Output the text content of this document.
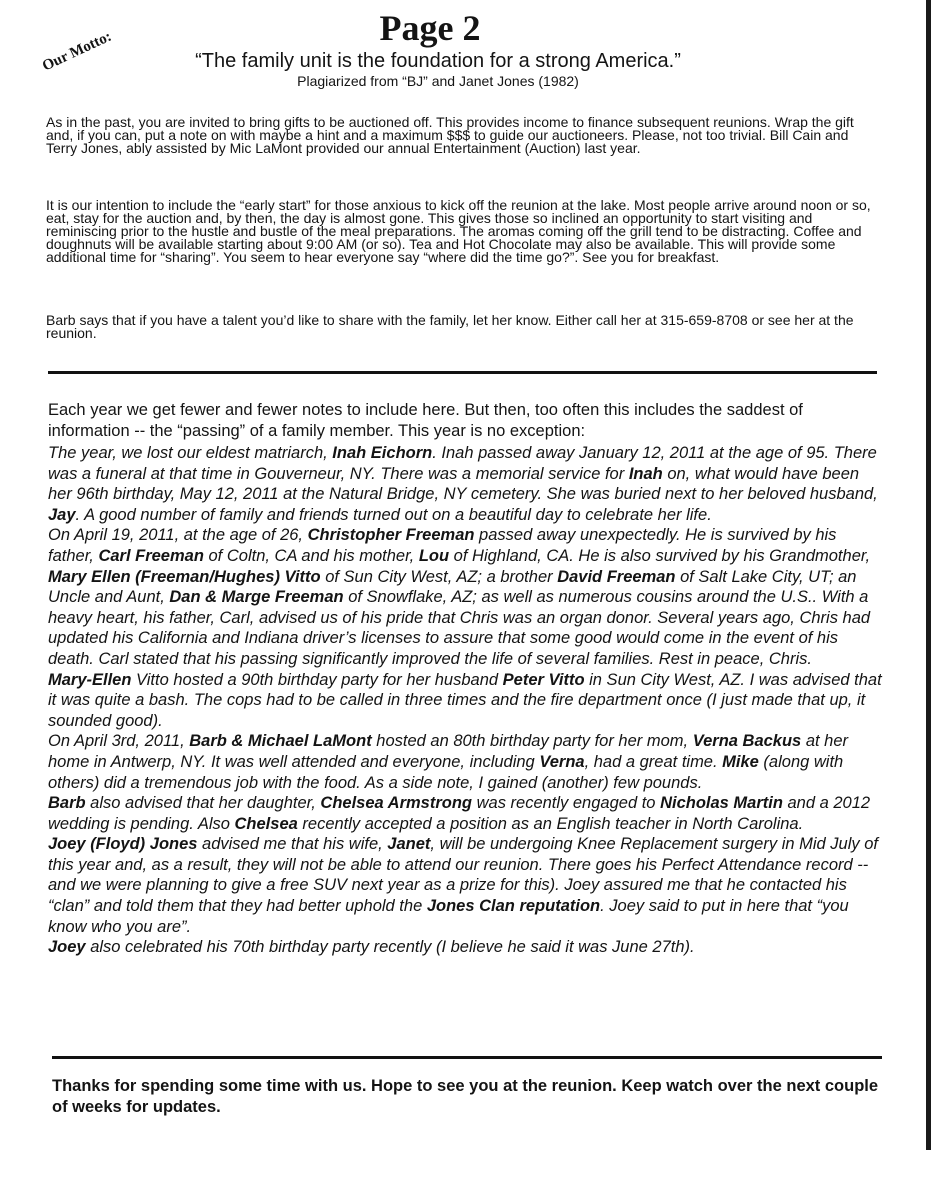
Page 2
Our Motto:	“The family unit is the foundation for a strong America.”
Plagiarized from “BJ” and Janet Jones (1982)

As in the past, you are invited to bring gifts to be auctioned off. This provides income to finance subsequent reunions. Wrap the gift and, if you can, put a note on with maybe a hint and a maximum $$$ to guide our auctioneers. Please, not too trivial. Bill Cain and Terry Jones, ably assisted by Mic LaMont provided our annual Entertainment (Auction) last year.

It is our intention to include the “early start” for those anxious to kick off the reunion at the lake. Most people arrive around noon or so, eat, stay for the auction and, by then, the day is almost gone. This gives those so inclined an opportunity to start visiting and reminiscing prior to the hustle and bustle of the meal preparations. The aromas coming off the grill tend to be distracting. Coffee and doughnuts will be available starting about 9:00 AM (or so). Tea and Hot Chocolate may also be available. This will provide some additional time for “sharing”. You seem to hear everyone say “where did the time go?”. See you for breakfast.

Barb says that if you have a talent you’d like to share with the family, let her know. Either call her at 315-659-8708 or see her at the reunion.

Each year we get fewer and fewer notes to include here. But then, too often this includes the saddest of information -- the “passing” of a family member. This year is no exception:

The year, we lost our eldest matriarch, Inah Eichorn. Inah passed away January 12, 2011 at the age of 95. There was a funeral at that time in Gouverneur, NY. There was a memorial service for Inah on, what would have been her 96th birthday, May 12, 2011 at the Natural Bridge, NY cemetery. She was buried next to her beloved husband, Jay. A good number of family and friends turned out on a beautiful day to celebrate her life.

On April 19, 2011, at the age of 26, Christopher Freeman passed away unexpectedly. He is survived by his father, Carl Freeman of Coltn, CA and his mother, Lou of Highland, CA. He is also survived by his Grandmother, Mary Ellen (Freeman/Hughes) Vitto of Sun City West, AZ; a brother David Freeman of Salt Lake City, UT; an Uncle and Aunt, Dan & Marge Freeman of Snowflake, AZ; as well as numerous cousins around the U.S.. With a heavy heart, his father, Carl, advised us of his pride that Chris was an organ donor. Several years ago, Chris had updated his California and Indiana driver’s licenses to assure that some good would come in the event of his death. Carl stated that his passing significantly improved the life of several families. Rest in peace, Chris.

Mary-Ellen Vitto hosted a 90th birthday party for her husband Peter Vitto in Sun City West, AZ. I was advised that it was quite a bash. The cops had to be called in three times and the fire department once (I just made that up, it sounded good).

On April 3rd, 2011, Barb & Michael LaMont hosted an 80th birthday party for her mom, Verna Backus at her home in Antwerp, NY. It was well attended and everyone, including Verna, had a great time. Mike (along with others) did a tremendous job with the food. As a side note, I gained (another) few pounds.

Barb also advised that her daughter, Chelsea Armstrong was recently engaged to Nicholas Martin and a 2012 wedding is pending. Also Chelsea recently accepted a position as an English teacher in North Carolina.

Joey (Floyd) Jones advised me that his wife, Janet, will be undergoing Knee Replacement surgery in Mid July of this year and, as a result, they will not be able to attend our reunion. There goes his Perfect Attendance record -- and we were planning to give a free SUV next year as a prize for this). Joey assured me that he contacted his “clan” and told them that they had better uphold the Jones Clan reputation. Joey said to put in here that “you know who you are”.

Joey also celebrated his 70th birthday party recently (I believe he said it was June 27th).

Thanks for spending some time with us. Hope to see you at the reunion. Keep watch over the next couple of weeks for updates.
